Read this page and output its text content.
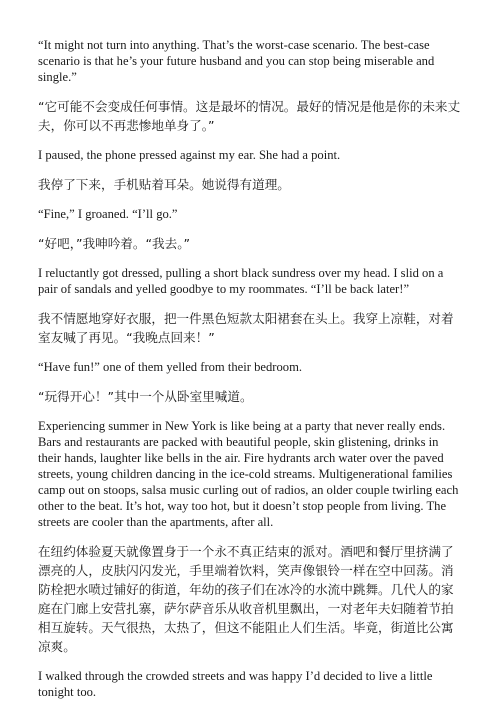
“It might not turn into anything. That’s the worst-case scenario. The best-case scenario is that he’s your future husband and you can stop being miserable and single.”

“它可能不会变成任何事情。这是最坏的情况。最好的情况是他是你的未来丈夫，你可以不再悲惨地单身了。”

I paused, the phone pressed against my ear. She had a point.

我停了下来，手机贴着耳朵。她说得有道理。

“Fine,” I groaned. “I’ll go.”

“好吧，”我呻吟着。“我去。”

I reluctantly got dressed, pulling a short black sundress over my head. I slid on a pair of sandals and yelled goodbye to my roommates. “I’ll be back later!”

我不情愿地穿好衣服，把一件黑色短款太阳裙套在头上。我穿上凉鞋，对着室友喊了再见。“我晚点回来！”

“Have fun!” one of them yelled from their bedroom.

“玩得开心！”其中一个从卧室里喊道。

Experiencing summer in New York is like being at a party that never really ends. Bars and restaurants are packed with beautiful people, skin glistening, drinks in their hands, laughter like bells in the air. Fire hydrants arch water over the paved streets, young children dancing in the ice-cold streams. Multigenerational families camp out on stoops, salsa music curling out of radios, an older couple twirling each other to the beat. It’s hot, way too hot, but it doesn’t stop people from living. The streets are cooler than the apartments, after all.

在纽约体验夏天就像置身于一个永不真正结束的派对。酒吧和餐厅里挤满了漂亮的人，皮肤闪闪发光，手里端着饮料，笑声像银铃一样在空中回荡。消防栓把水喷过铺好的街道，年幼的孩子们在冰冷的水流中跳舞。几代人的家庭在门廊上安营扎寨，萨尔萨音乐从收音机里飘出，一对老年夫妇随着节拍相互旋转。天气很热，太热了，但这不能阻止人们生活。毕竟，街道比公寓凉爽。

I walked through the crowded streets and was happy I’d decided to live a little tonight too.
